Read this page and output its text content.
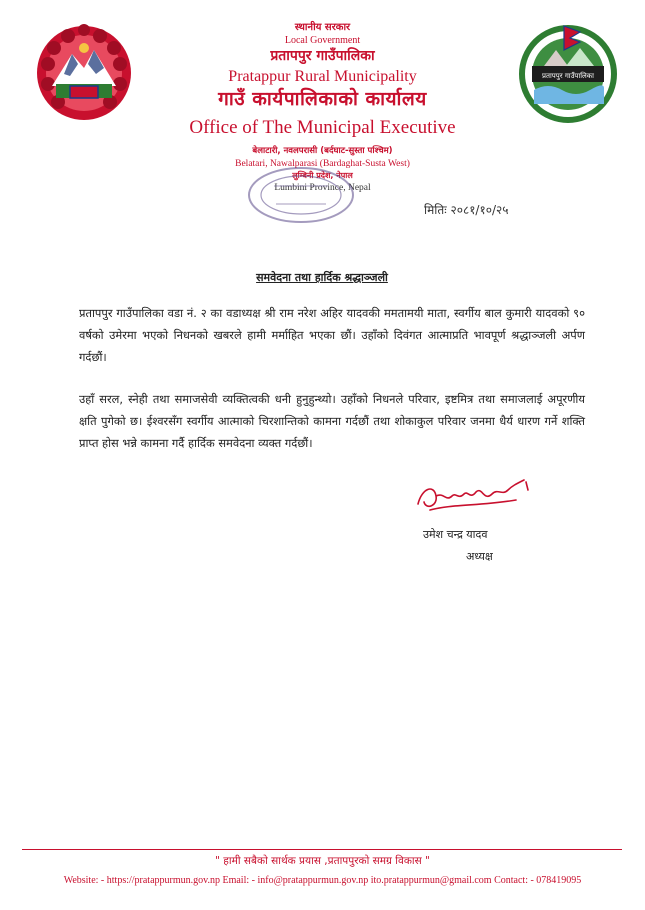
प्रतापपुर गाउँपालिका
स्थानीय सरकार
Local Government
प्रतापपुर गाउँपालिका
Pratappur Rural Municipality
गाउँ कार्यपालिकाको कार्यालय
Office of The Municipal Executive
बेलाटारी, नवलपरासी (बर्दघाट-सुस्ता पश्चिम)
Belatari, Nawalparasi (Bardaghat-Susta West)
लुम्बिनी प्रदेश, नेपाल
Lumbini Province, Nepal
मितिः २०८१/१०/२५
समवेदना तथा हार्दिक श्रद्धाञ्जली

प्रतापपुर गाउँपालिका वडा नं. २ का वडाध्यक्ष श्री राम नरेश अहिर यादवकी ममतामयी माता, स्वर्गीय बाल कुमारी यादवको ९० वर्षको उमेरमा भएको निधनको खबरले हामी मर्माहित भएका छौं। उहाँको दिवंगत आत्माप्रति भावपूर्ण श्रद्धाञ्जली अर्पण गर्दछौं।

उहाँ सरल, स्नेही तथा समाजसेवी व्यक्तित्वकी धनी हुनुहुन्थ्यो। उहाँको निधनले परिवार, इष्टमित्र तथा समाजलाई अपूरणीय क्षति पुगेको छ। ईश्वरसँग स्वर्गीय आत्माको चिरशान्तिको कामना गर्दछौं तथा शोकाकुल परिवार जनमा धैर्य धारण गर्ने शक्ति प्राप्त होस भन्ने कामना गर्दै हार्दिक समवेदना व्यक्त गर्दछौं।

उमेश चन्द्र यादव
अध्यक्ष
" हामी सबैको सार्थक प्रयास ,प्रतापपुरको समग्र विकास "
Website: - https://pratappurmun.gov.np Email: - info@pratappurmun.gov.np ito.pratappurmun@gmail.com Contact: - 078419095
